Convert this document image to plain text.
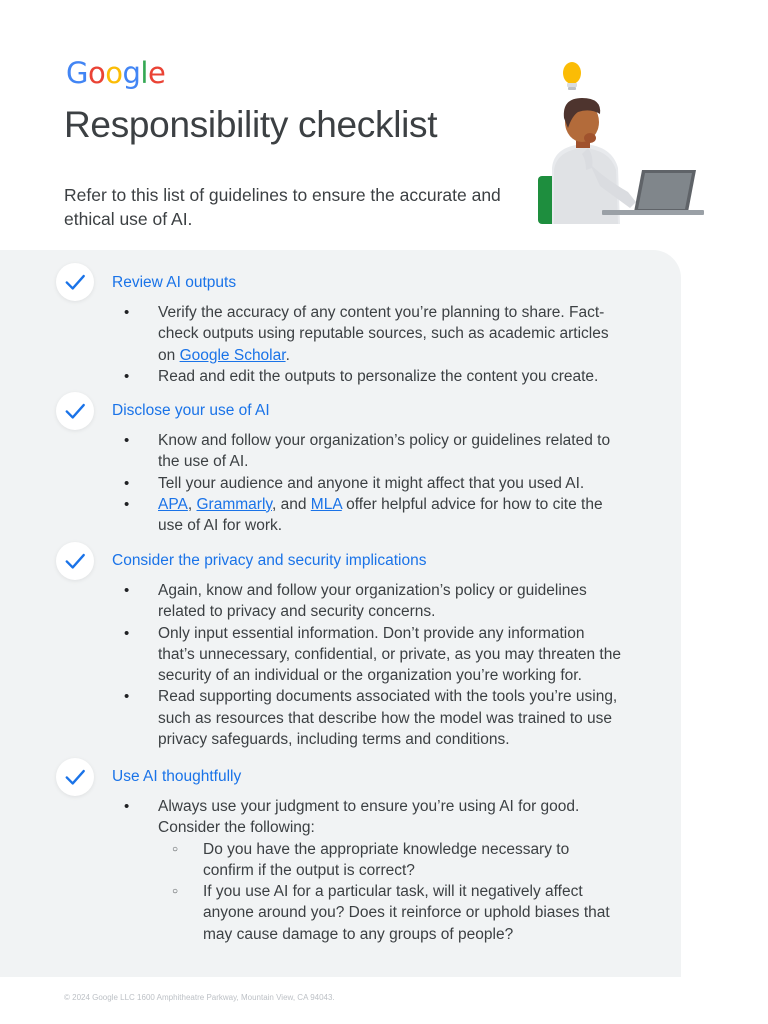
Google
Responsibility checklist

Refer to this list of guidelines to ensure the accurate and ethical use of AI.

Review AI outputs
• Verify the accuracy of any content you’re planning to share. Fact-check outputs using reputable sources, such as academic articles on Google Scholar.
• Read and edit the outputs to personalize the content you create.
Disclose your use of AI
• Know and follow your organization’s policy or guidelines related to the use of AI.
• Tell your audience and anyone it might affect that you used AI.
• APA, Grammarly, and MLA offer helpful advice for how to cite the use of AI for work.
Consider the privacy and security implications
• Again, know and follow your organization’s policy or guidelines related to privacy and security concerns.
• Only input essential information. Don’t provide any information that’s unnecessary, confidential, or private, as you may threaten the security of an individual or the organization you’re working for.
• Read supporting documents associated with the tools you’re using, such as resources that describe how the model was trained to use privacy safeguards, including terms and conditions.
Use AI thoughtfully
• Always use your judgment to ensure you’re using AI for good. Consider the following:
○ Do you have the appropriate knowledge necessary to confirm if the output is correct?
○ If you use AI for a particular task, will it negatively affect anyone around you? Does it reinforce or uphold biases that may cause damage to any groups of people?

© 2024 Google LLC 1600 Amphitheatre Parkway, Mountain View, CA 94043.
